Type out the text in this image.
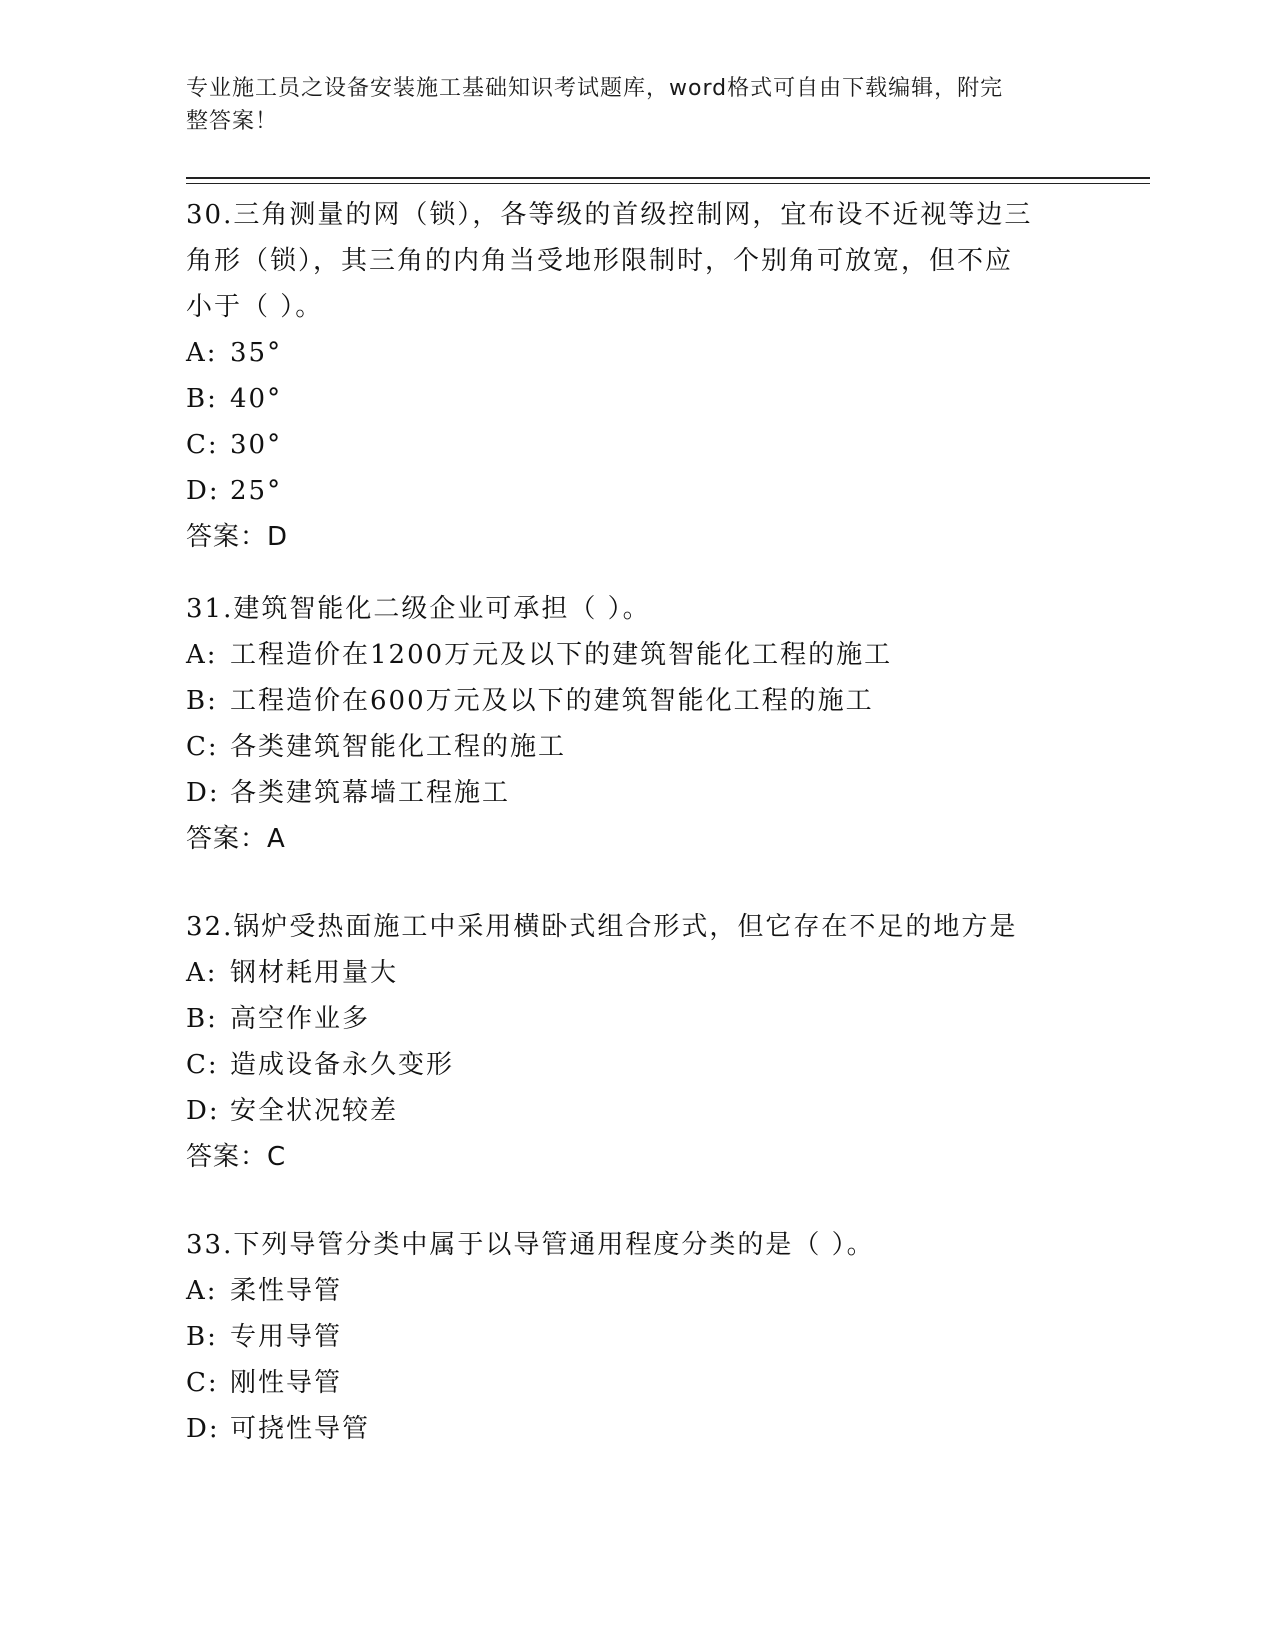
专业施工员之设备安装施工基础知识考试题库，word格式可自由下载编辑，附完
整答案！

30.三角测量的网（锁），各等级的首级控制网，宜布设不近视等边三

角形（锁），其三角的内角当受地形限制时，个别角可放宽，但不应

小于（ ）。

A: 35°

B: 40°

C: 30°

D: 25°

答案：D

31.建筑智能化二级企业可承担（ ）。

A: 工程造价在1200万元及以下的建筑智能化工程的施工

B: 工程造价在600万元及以下的建筑智能化工程的施工

C: 各类建筑智能化工程的施工

D: 各类建筑幕墙工程施工

答案：A

32.锅炉受热面施工中采用横卧式组合形式，但它存在不足的地方是

A: 钢材耗用量大

B: 高空作业多

C: 造成设备永久变形

D: 安全状况较差

答案：C

33.下列导管分类中属于以导管通用程度分类的是（ ）。

A: 柔性导管

B: 专用导管

C: 刚性导管

D: 可挠性导管
